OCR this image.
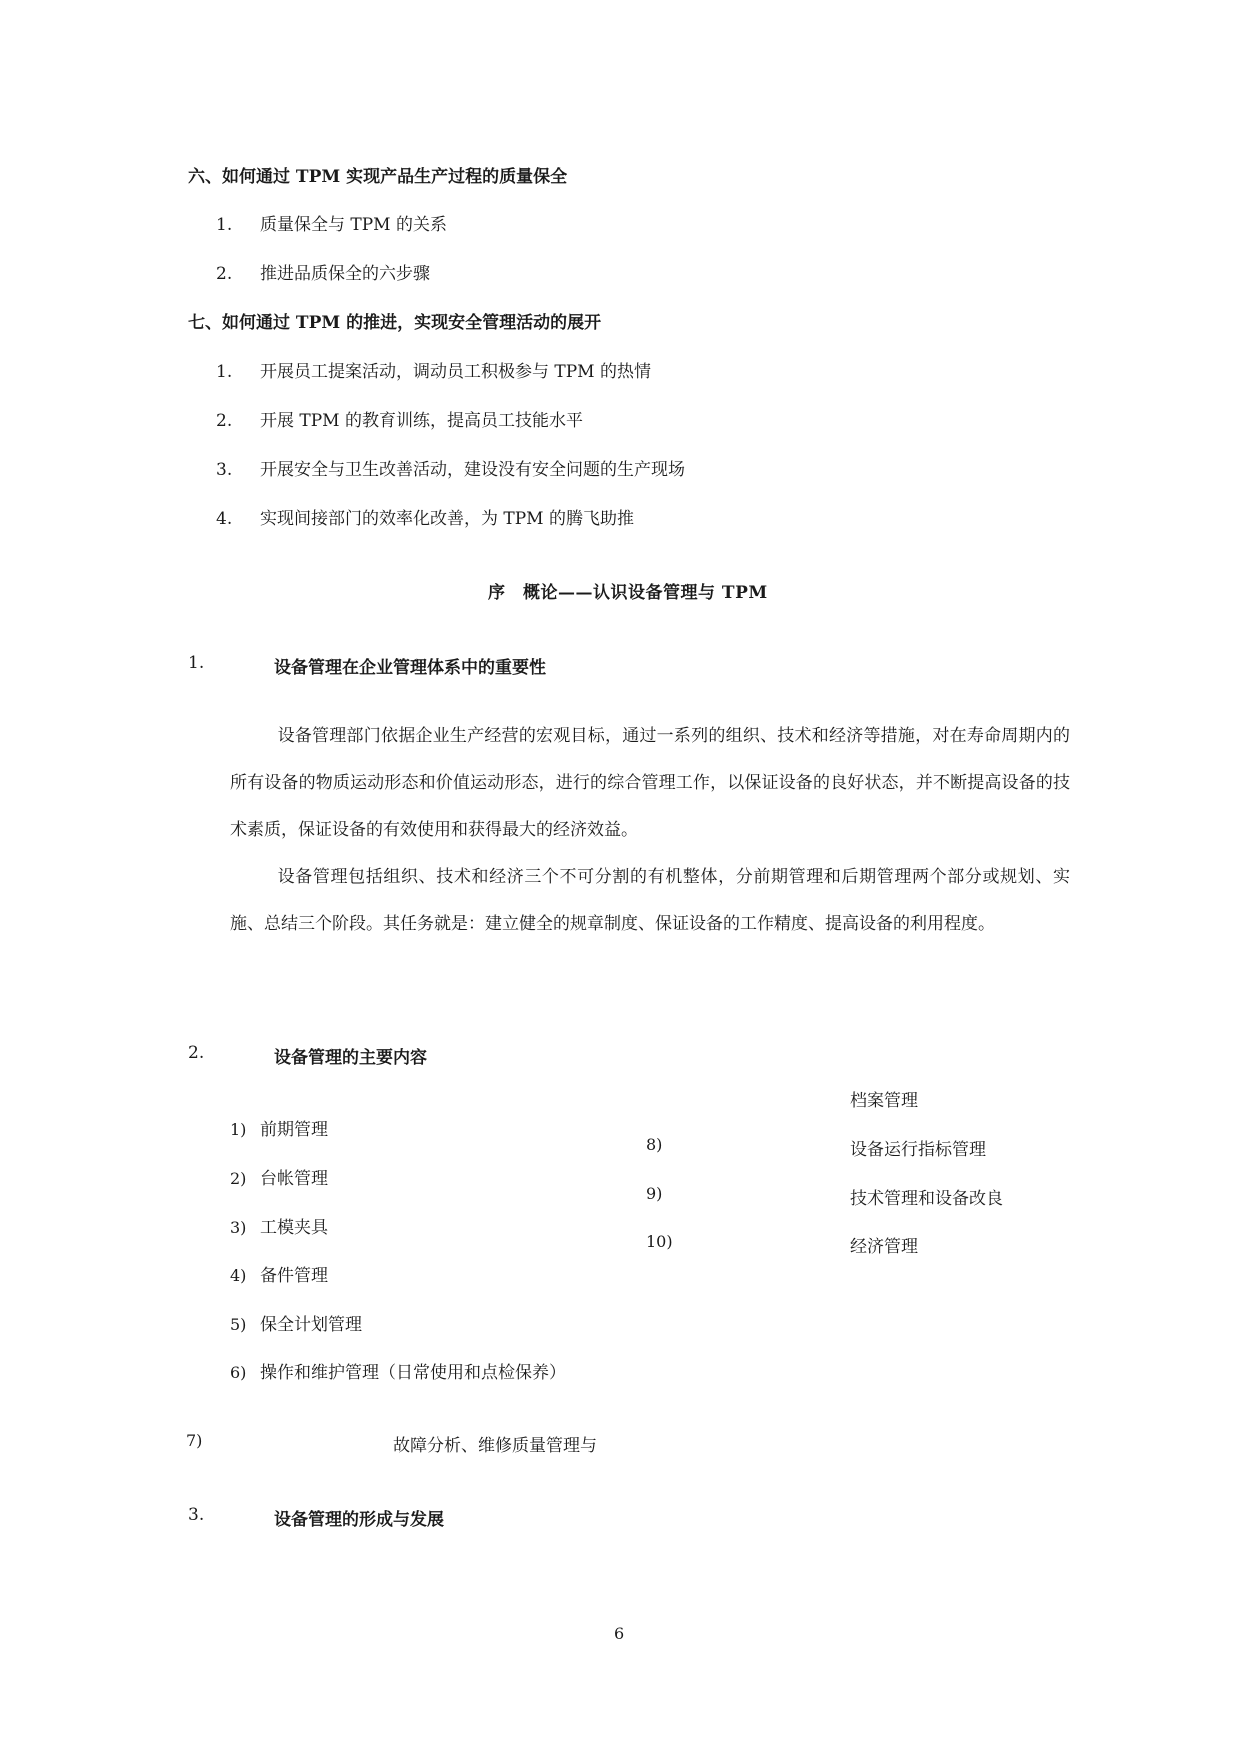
六、如何通过 TPM 实现产品生产过程的质量保全
1. 质量保全与 TPM 的关系
2. 推进品质保全的六步骤
七、如何通过 TPM 的推进，实现安全管理活动的展开
1. 开展员工提案活动，调动员工积极参与 TPM 的热情
2. 开展 TPM 的教育训练，提高员工技能水平
3. 开展安全与卫生改善活动，建设没有安全问题的生产现场
4. 实现间接部门的效率化改善，为 TPM 的腾飞助推
序　概论——认识设备管理与 TPM
1.	设备管理在企业管理体系中的重要性

设备管理部门依据企业生产经营的宏观目标，通过一系列的组织、技术和经济等措施，对在寿命周期内的所有设备的物质运动形态和价值运动形态，进行的综合管理工作，以保证设备的良好状态，并不断提高设备的技术素质，保证设备的有效使用和获得最大的经济效益。

设备管理包括组织、技术和经济三个不可分割的有机整体，分前期管理和后期管理两个部分或规划、实施、总结三个阶段。其任务就是：建立健全的规章制度、保证设备的工作精度、提高设备的利用程度。

2.	设备管理的主要内容
1) 前期管理
2) 台帐管理
3) 工模夹具
4) 备件管理
5) 保全计划管理
6) 操作和维护管理（日常使用和点检保养）
7)	故障分析、维修质量管理与
档案管理
8)	设备运行指标管理
9)	技术管理和设备改良
10)	经济管理
3.	设备管理的形成与发展
6
